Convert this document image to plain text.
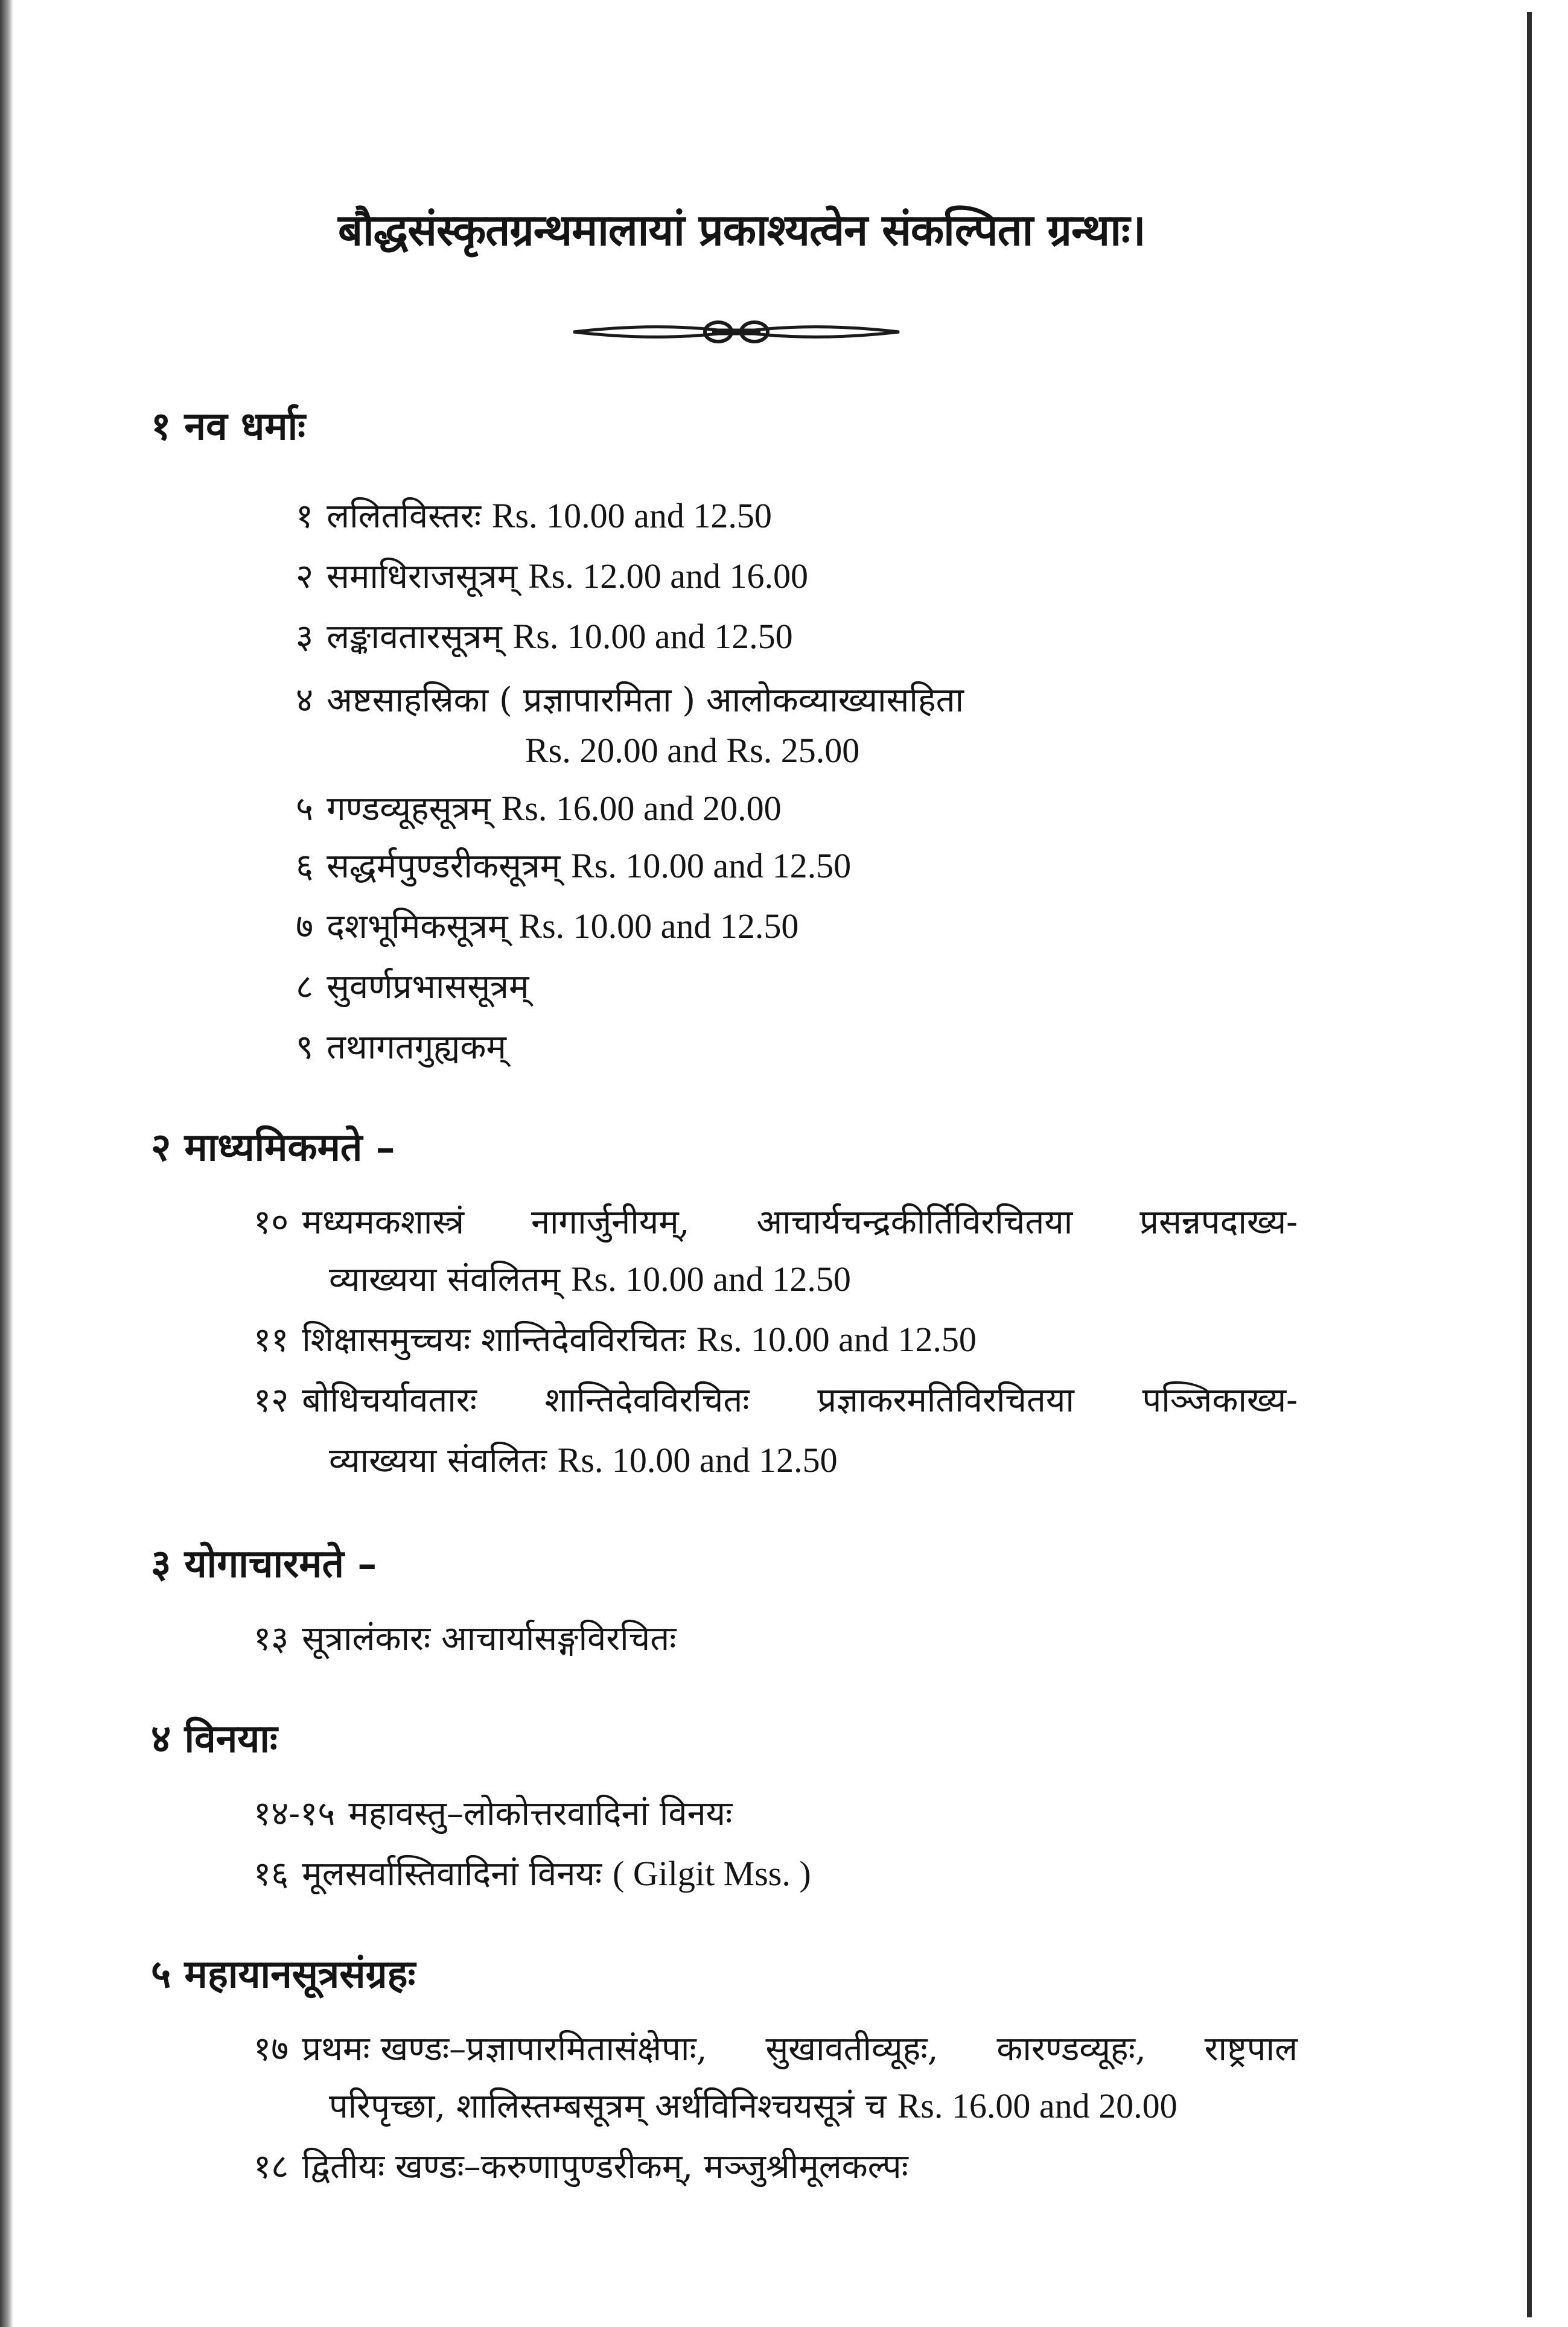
बौद्धसंस्कृतग्रन्थमालायां प्रकाश्यत्वेन संकल्पिता ग्रन्थाः।
१ नव धर्माः
१ ललितविस्तरः Rs. 10.00 and 12.50
२ समाधिराजसूत्रम् Rs. 12.00 and 16.00
३ लङ्कावतारसूत्रम् Rs. 10.00 and 12.50
४ अष्टसाहस्रिका ( प्रज्ञापारमिता ) आलोकव्याख्यासहिता
Rs. 20.00 and Rs. 25.00
५ गण्डव्यूहसूत्रम् Rs. 16.00 and 20.00
६ सद्धर्मपुण्डरीकसूत्रम् Rs. 10.00 and 12.50
७ दशभूमिकसूत्रम् Rs. 10.00 and 12.50
८ सुवर्णप्रभाससूत्रम्
९ तथागतगुह्यकम्
२ माध्यमिकमते –
१० मध्यमकशास्त्रं नागार्जुनीयम्, आचार्यचन्द्रकीर्तिविरचितया प्रसन्नपदाख्य-
व्याख्यया संवलितम् Rs. 10.00 and 12.50
११ शिक्षासमुच्चयः शान्तिदेवविरचितः Rs. 10.00 and 12.50
१२ बोधिचर्यावतारः शान्तिदेवविरचितः प्रज्ञाकरमतिविरचितया पञ्जिकाख्य-
व्याख्यया संवलितः Rs. 10.00 and 12.50
३ योगाचारमते –
१३ सूत्रालंकारः आचार्यासङ्गविरचितः
४ विनयाः
१४-१५ महावस्तु–लोकोत्तरवादिनां विनयः
१६ मूलसर्वास्तिवादिनां विनयः ( Gilgit Mss. )
५ महायानसूत्रसंग्रहः
१७ प्रथमः खण्डः–प्रज्ञापारमितासंक्षेपाः, सुखावतीव्यूहः, कारण्डव्यूहः, राष्ट्रपाल
परिपृच्छा, शालिस्तम्बसूत्रम् अर्थविनिश्चयसूत्रं च Rs. 16.00 and 20.00
१८ द्वितीयः खण्डः–करुणापुण्डरीकम्, मञ्जुश्रीमूलकल्पः
